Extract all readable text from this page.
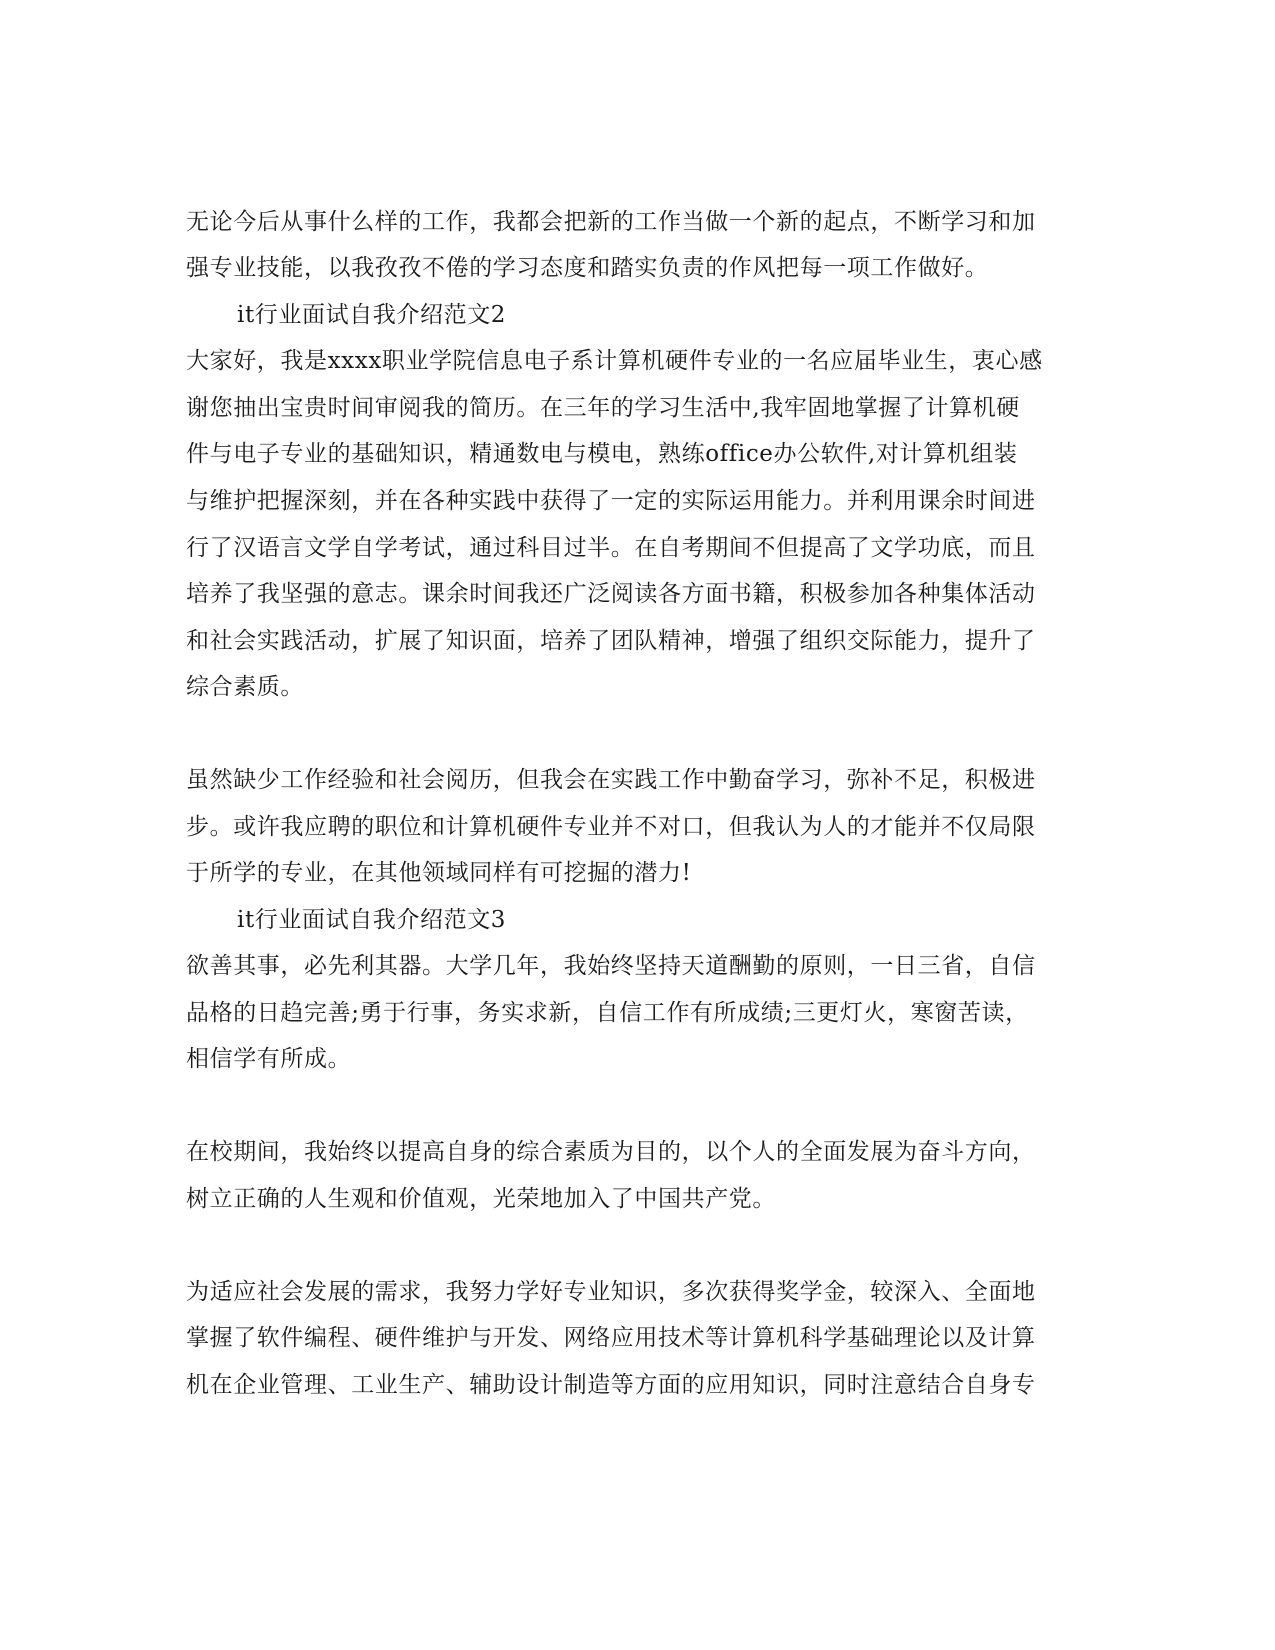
无论今后从事什么样的工作，我都会把新的工作当做一个新的起点，不断学习和加
强专业技能，以我孜孜不倦的学习态度和踏实负责的作风把每一项工作做好。
it行业面试自我介绍范文2
大家好，我是xxxx职业学院信息电子系计算机硬件专业的一名应届毕业生，衷心感
谢您抽出宝贵时间审阅我的简历。在三年的学习生活中,我牢固地掌握了计算机硬
件与电子专业的基础知识，精通数电与模电，熟练office办公软件,对计算机组装
与维护把握深刻，并在各种实践中获得了一定的实际运用能力。并利用课余时间进
行了汉语言文学自学考试，通过科目过半。在自考期间不但提高了文学功底，而且
培养了我坚强的意志。课余时间我还广泛阅读各方面书籍，积极参加各种集体活动
和社会实践活动，扩展了知识面，培养了团队精神，增强了组织交际能力，提升了
综合素质。
虽然缺少工作经验和社会阅历，但我会在实践工作中勤奋学习，弥补不足，积极进
步。或许我应聘的职位和计算机硬件专业并不对口，但我认为人的才能并不仅局限
于所学的专业，在其他领域同样有可挖掘的潜力!
it行业面试自我介绍范文3
欲善其事，必先利其器。大学几年，我始终坚持天道酬勤的原则，一日三省，自信
品格的日趋完善;勇于行事，务实求新，自信工作有所成绩;三更灯火，寒窗苦读，
相信学有所成。
在校期间，我始终以提高自身的综合素质为目的，以个人的全面发展为奋斗方向，
树立正确的人生观和价值观，光荣地加入了中国共产党。
为适应社会发展的需求，我努力学好专业知识，多次获得奖学金，较深入、全面地
掌握了软件编程、硬件维护与开发、网络应用技术等计算机科学基础理论以及计算
机在企业管理、工业生产、辅助设计制造等方面的应用知识，同时注意结合自身专
